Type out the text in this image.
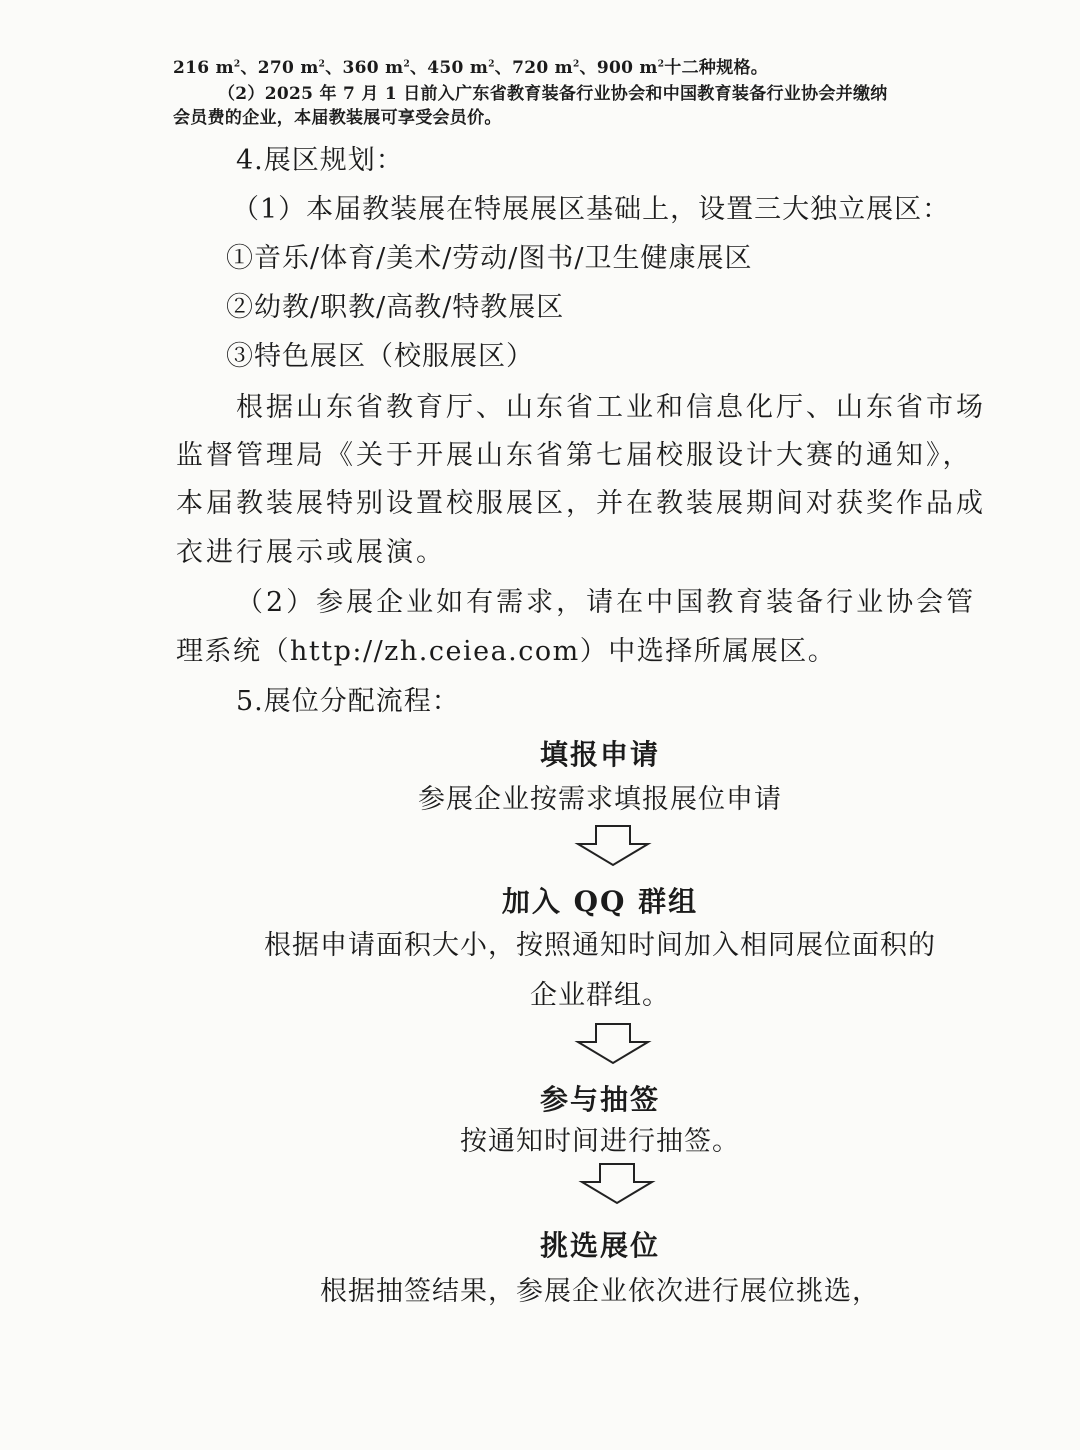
216 $m^2$、270 $m^2$、360 $m^2$、450 $m^2$、720 $m^2$、900 $m^2$十二种规格。
（2）2025 年 7 月 1 日前入广东省教育装备行业协会和中国教育装备行业协会并缴纳
会员费的企业，本届教装展可享受会员价。
4.展区规划：
（1）本届教装展在特展展区基础上，设置三大独立展区：
①音乐/体育/美术/劳动/图书/卫生健康展区
②幼教/职教/高教/特教展区
③特色展区（校服展区）
根据山东省教育厅、山东省工业和信息化厅、山东省市场
监督管理局《关于开展山东省第七届校服设计大赛的通知》，
本届教装展特别设置校服展区，并在教装展期间对获奖作品成
衣进行展示或展演。
（2）参展企业如有需求，请在中国教育装备行业协会管
理系统（http://zh.ceiea.com）中选择所属展区。
5.展位分配流程：
填报申请
参展企业按需求填报展位申请
加入 QQ 群组
根据申请面积大小，按照通知时间加入相同展位面积的
企业群组。
参与抽签
按通知时间进行抽签。
挑选展位
根据抽签结果，参展企业依次进行展位挑选，
